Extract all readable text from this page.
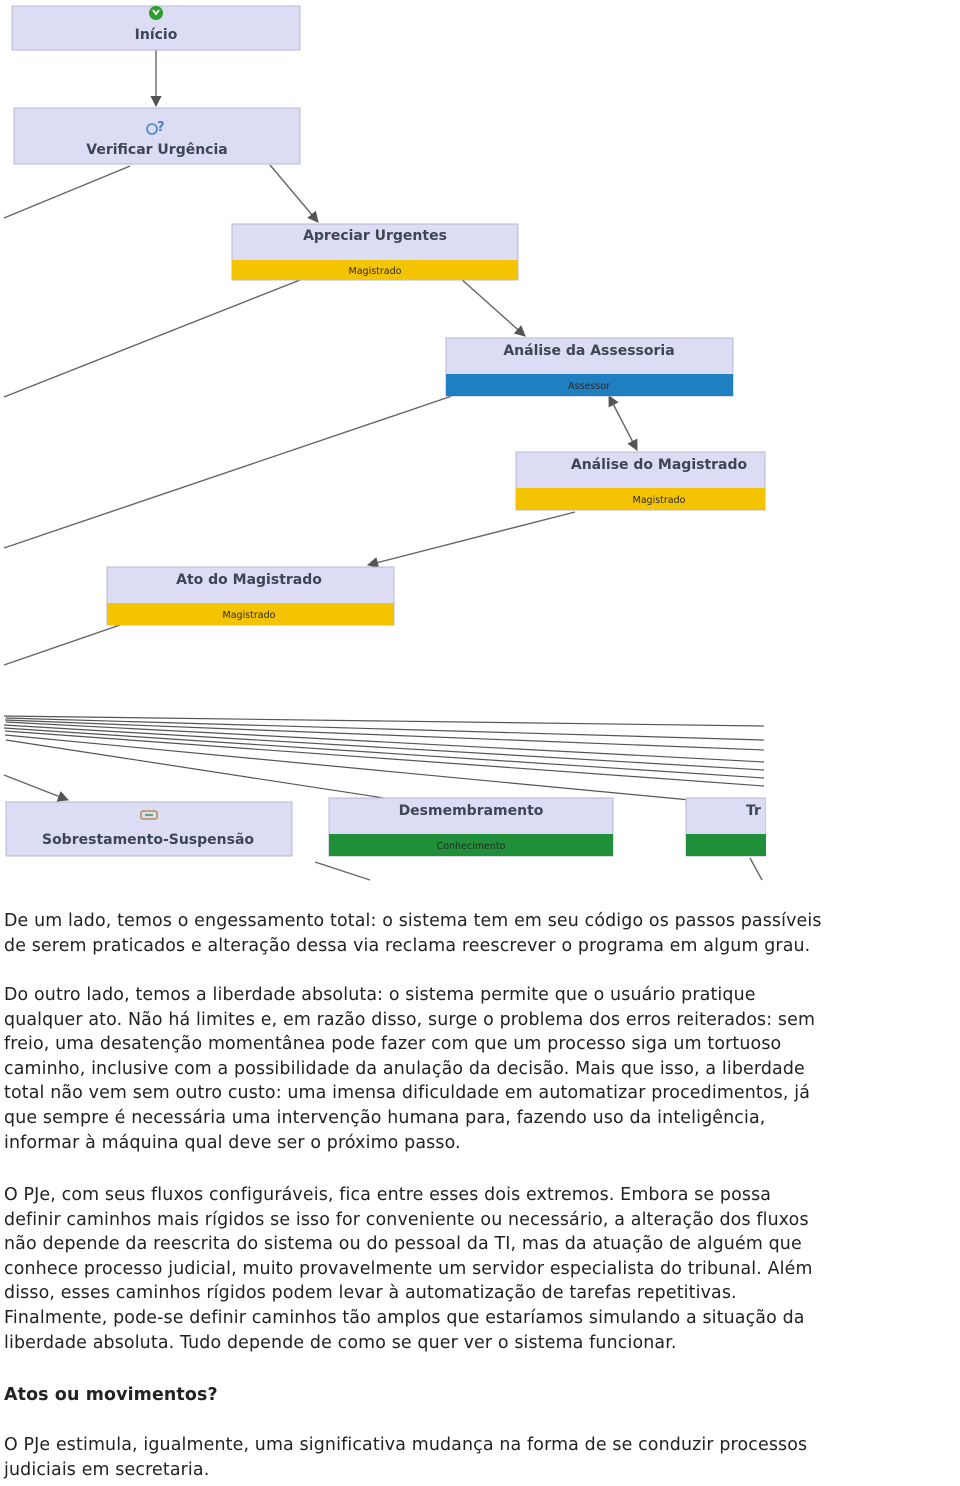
Início
?
Verificar Urgência
Apreciar Urgentes
Magistrado
Análise da Assessoria
Assessor
Análise do Magistrado
Magistrado
Ato do Magistrado
Magistrado
Sobrestamento-Suspensão
Desmembramento
Conhecimento
Tr

De um lado, temos o engessamento total: o sistema tem em seu código os passos passíveis
de serem praticados e alteração dessa via reclama reescrever o programa em algum grau.

Do outro lado, temos a liberdade absoluta: o sistema permite que o usuário pratique
qualquer ato. Não há limites e, em razão disso, surge o problema dos erros reiterados: sem
freio, uma desatenção momentânea pode fazer com que um processo siga um tortuoso
caminho, inclusive com a possibilidade da anulação da decisão. Mais que isso, a liberdade
total não vem sem outro custo: uma imensa dificuldade em automatizar procedimentos, já
que sempre é necessária uma intervenção humana para, fazendo uso da inteligência,
informar à máquina qual deve ser o próximo passo.

O PJe, com seus fluxos configuráveis, fica entre esses dois extremos. Embora se possa
definir caminhos mais rígidos se isso for conveniente ou necessário, a alteração dos fluxos
não depende da reescrita do sistema ou do pessoal da TI, mas da atuação de alguém que
conhece processo judicial, muito provavelmente um servidor especialista do tribunal. Além
disso, esses caminhos rígidos podem levar à automatização de tarefas repetitivas.
Finalmente, pode-se definir caminhos tão amplos que estaríamos simulando a situação da
liberdade absoluta. Tudo depende de como se quer ver o sistema funcionar.

Atos ou movimentos?

O PJe estimula, igualmente, uma significativa mudança na forma de se conduzir processos
judiciais em secretaria.
